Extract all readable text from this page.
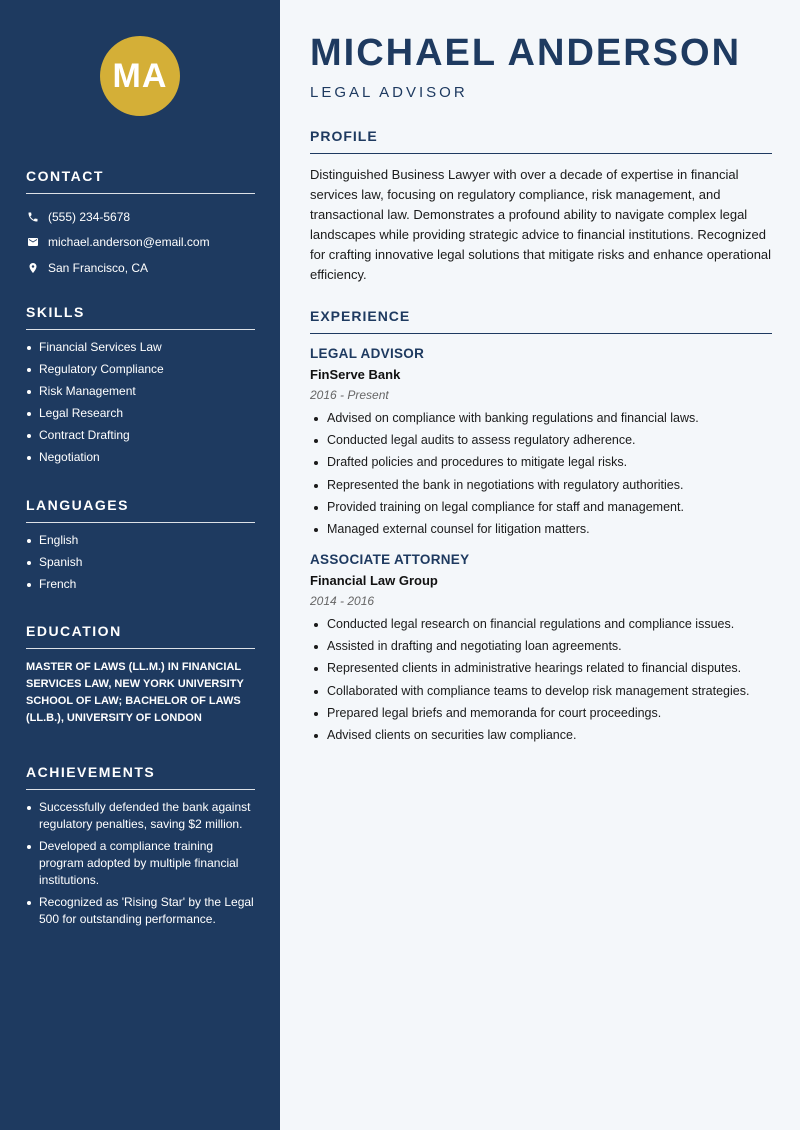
MA
CONTACT
(555) 234-5678
michael.anderson@email.com
San Francisco, CA
SKILLS
Financial Services Law
Regulatory Compliance
Risk Management
Legal Research
Contract Drafting
Negotiation
LANGUAGES
English
Spanish
French
EDUCATION

MASTER OF LAWS (LL.M.) IN FINANCIAL SERVICES LAW, NEW YORK UNIVERSITY SCHOOL OF LAW; BACHELOR OF LAWS (LL.B.), UNIVERSITY OF LONDON

ACHIEVEMENTS
Successfully defended the bank against regulatory penalties, saving $2 million.
Developed a compliance training program adopted by multiple financial institutions.
Recognized as 'Rising Star' by the Legal 500 for outstanding performance.
MICHAEL ANDERSON
LEGAL ADVISOR
PROFILE

Distinguished Business Lawyer with over a decade of expertise in financial services law, focusing on regulatory compliance, risk management, and transactional law. Demonstrates a profound ability to navigate complex legal landscapes while providing strategic advice to financial institutions. Recognized for crafting innovative legal solutions that mitigate risks and enhance operational efficiency.

EXPERIENCE
LEGAL ADVISOR
FinServe Bank
2016 - Present
Advised on compliance with banking regulations and financial laws.
Conducted legal audits to assess regulatory adherence.
Drafted policies and procedures to mitigate legal risks.
Represented the bank in negotiations with regulatory authorities.
Provided training on legal compliance for staff and management.
Managed external counsel for litigation matters.
ASSOCIATE ATTORNEY
Financial Law Group
2014 - 2016
Conducted legal research on financial regulations and compliance issues.
Assisted in drafting and negotiating loan agreements.
Represented clients in administrative hearings related to financial disputes.
Collaborated with compliance teams to develop risk management strategies.
Prepared legal briefs and memoranda for court proceedings.
Advised clients on securities law compliance.
